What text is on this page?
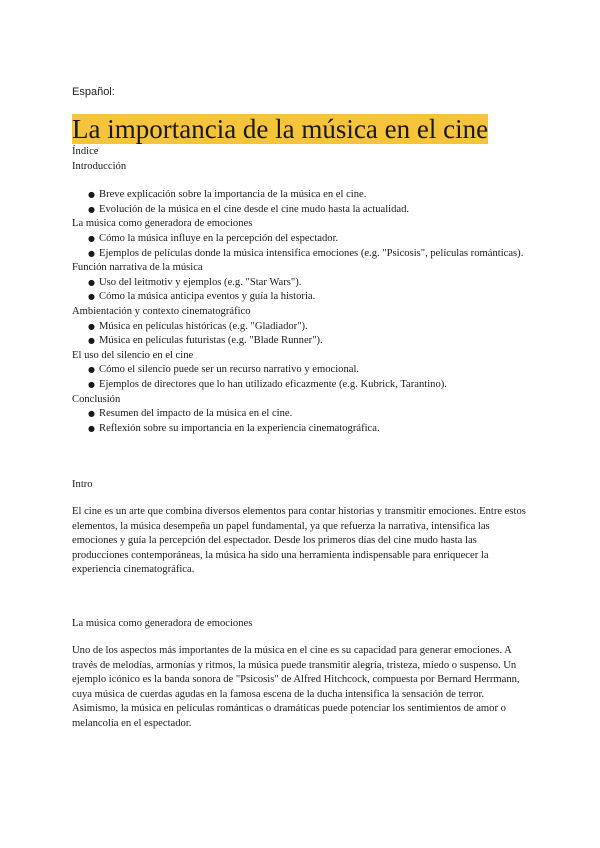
Español:
La importancia de la música en el cine
Índice
Introducción
● Breve explicación sobre la importancia de la música en el cine.
● Evolución de la música en el cine desde el cine mudo hasta la actualidad.
La música como generadora de emociones
● Cómo la música influye en la percepción del espectador.
● Ejemplos de películas donde la música intensifica emociones (e.g. "Psicosis", películas románticas).
Función narrativa de la música
● Uso del leitmotiv y ejemplos (e.g. "Star Wars").
● Cómo la música anticipa eventos y guía la historia.
Ambientación y contexto cinematográfico
● Música en películas históricas (e.g. "Gladiador").
● Música en películas futuristas (e.g. "Blade Runner").
El uso del silencio en el cine
● Cómo el silencio puede ser un recurso narrativo y emocional.
● Ejemplos de directores que lo han utilizado eficazmente (e.g. Kubrick, Tarantino).
Conclusión
● Resumen del impacto de la música en el cine.
● Reflexión sobre su importancia en la experiencia cinematográfica.
Intro

El cine es un arte que combina diversos elementos para contar historias y transmitir emociones. Entre estos elementos, la música desempeña un papel fundamental, ya que refuerza la narrativa, intensifica las emociones y guía la percepción del espectador. Desde los primeros días del cine mudo hasta las producciones contemporáneas, la música ha sido una herramienta indispensable para enriquecer la experiencia cinematográfica.

La música como generadora de emociones

Uno de los aspectos más importantes de la música en el cine es su capacidad para generar emociones. A través de melodías, armonías y ritmos, la música puede transmitir alegría, tristeza, miedo o suspenso. Un ejemplo icónico es la banda sonora de "Psicosis" de Alfred Hitchcock, compuesta por Bernard Herrmann, cuya música de cuerdas agudas en la famosa escena de la ducha intensifica la sensación de terror. Asimismo, la música en películas románticas o dramáticas puede potenciar los sentimientos de amor o melancolía en el espectador.
